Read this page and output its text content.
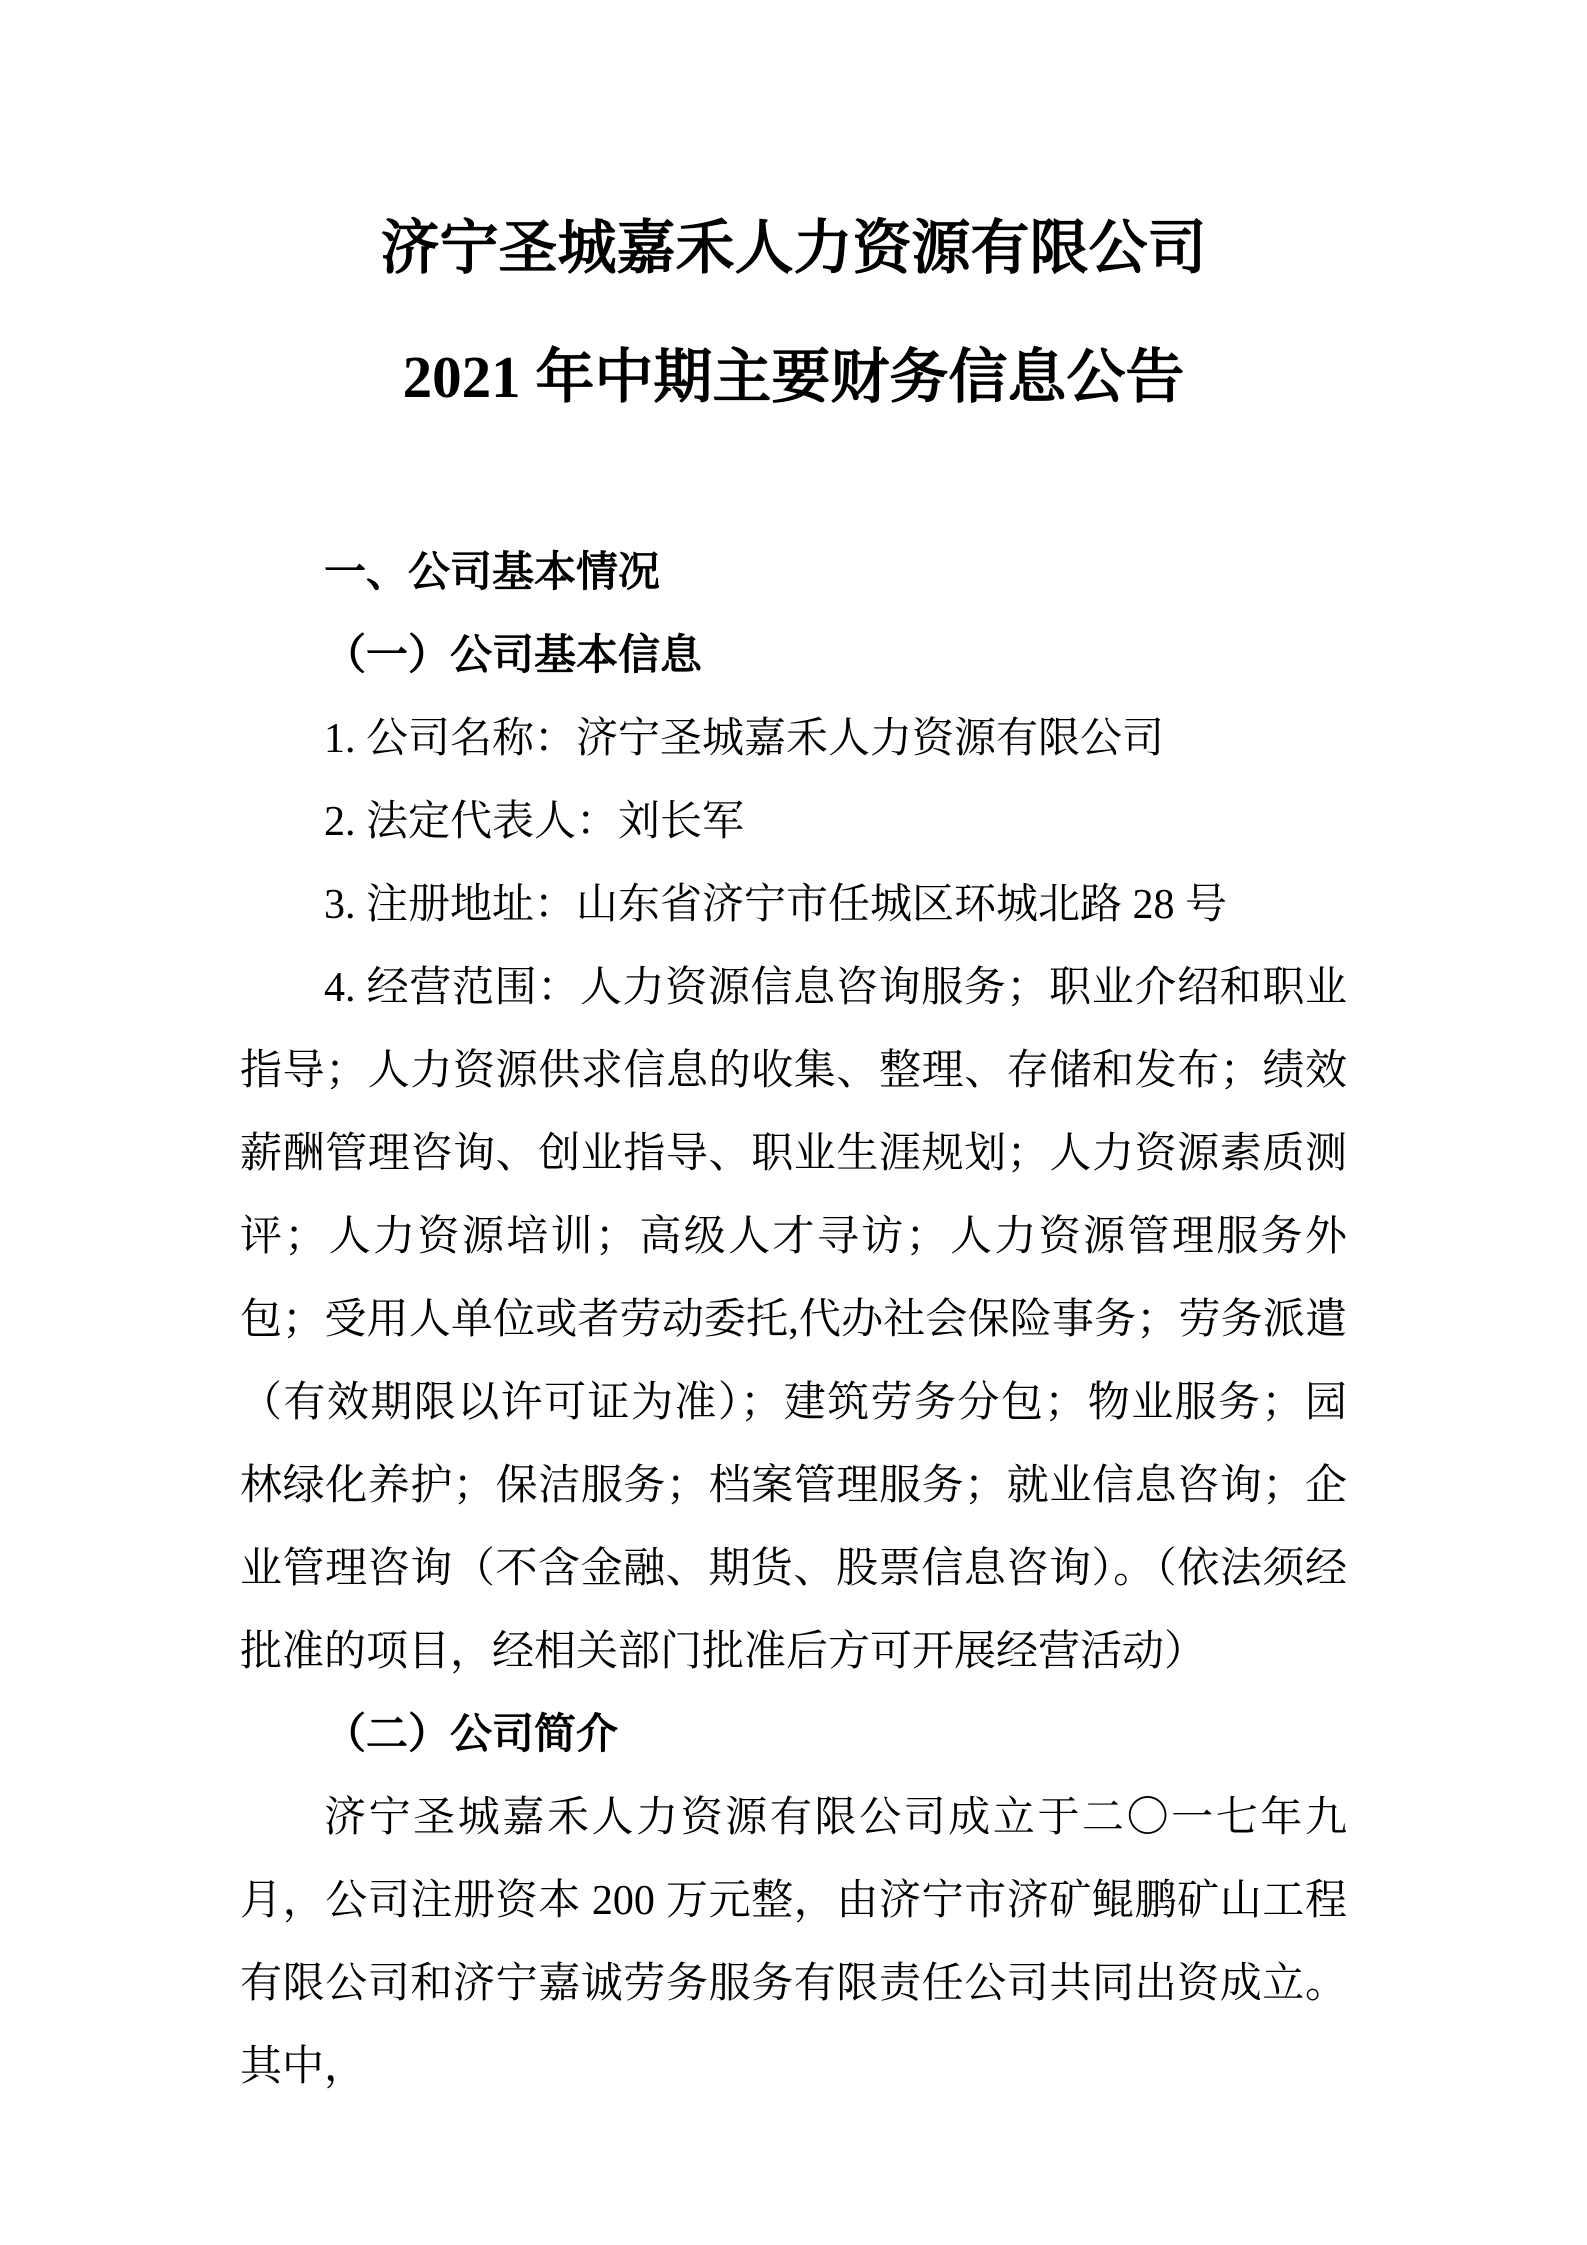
济宁圣城嘉禾人力资源有限公司
2021 年中期主要财务信息公告

一、公司基本情况

（一）公司基本信息

1. 公司名称：济宁圣城嘉禾人力资源有限公司

2. 法定代表人：刘长军

3. 注册地址：山东省济宁市任城区环城北路 28 号

4. 经营范围：人力资源信息咨询服务；职业介绍和职业指导；人力资源供求信息的收集、整理、存储和发布；绩效薪酬管理咨询、创业指导、职业生涯规划；人力资源素质测评；人力资源培训；高级人才寻访；人力资源管理服务外包；受用人单位或者劳动委托,代办社会保险事务；劳务派遣（有效期限以许可证为准）；建筑劳务分包；物业服务；园林绿化养护；保洁服务；档案管理服务；就业信息咨询；企业管理咨询（不含金融、期货、股票信息咨询）。（依法须经批准的项目，经相关部门批准后方可开展经营活动）

（二）公司简介

济宁圣城嘉禾人力资源有限公司成立于二〇一七年九月，公司注册资本 200 万元整，由济宁市济矿鲲鹏矿山工程有限公司和济宁嘉诚劳务服务有限责任公司共同出资成立。其中，
